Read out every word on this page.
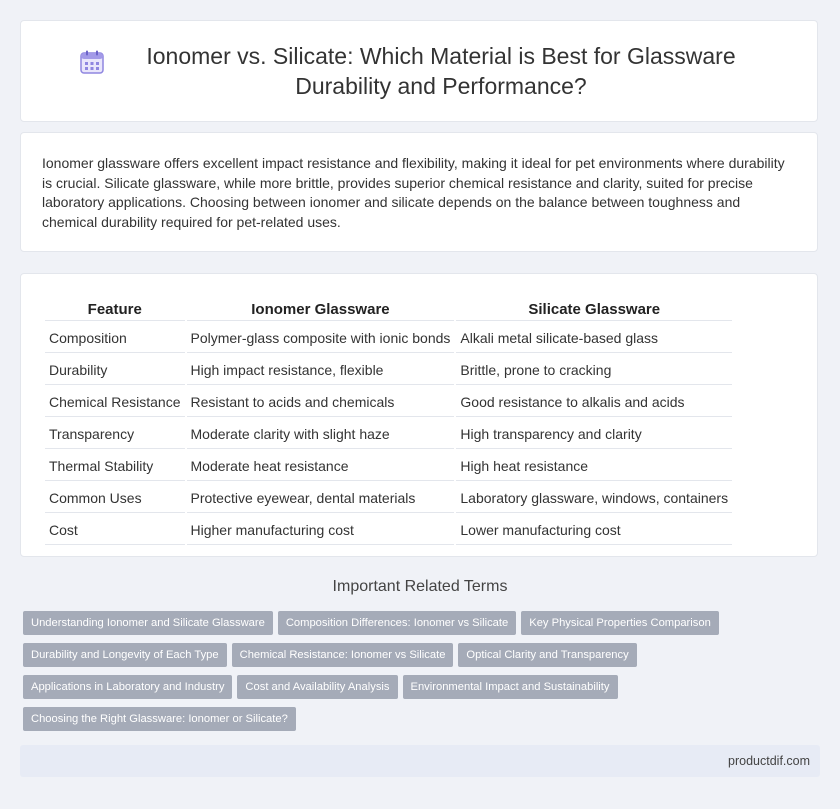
Ionomer vs. Silicate: Which Material is Best for Glassware Durability and Performance?

Ionomer glassware offers excellent impact resistance and flexibility, making it ideal for pet environments where durability is crucial. Silicate glassware, while more brittle, provides superior chemical resistance and clarity, suited for precise laboratory applications. Choosing between ionomer and silicate depends on the balance between toughness and chemical durability required for pet-related uses.

Feature	Ionomer Glassware	Silicate Glassware
Composition	Polymer-glass composite with ionic bonds	Alkali metal silicate-based glass
Durability	High impact resistance, flexible	Brittle, prone to cracking
Chemical Resistance	Resistant to acids and chemicals	Good resistance to alkalis and acids
Transparency	Moderate clarity with slight haze	High transparency and clarity
Thermal Stability	Moderate heat resistance	High heat resistance
Common Uses	Protective eyewear, dental materials	Laboratory glassware, windows, containers
Cost	Higher manufacturing cost	Lower manufacturing cost
Important Related Terms
Understanding Ionomer and Silicate Glassware Composition Differences: Ionomer vs Silicate Key Physical Properties Comparison
Durability and Longevity of Each Type Chemical Resistance: Ionomer vs Silicate Optical Clarity and Transparency
Applications in Laboratory and Industry Cost and Availability Analysis Environmental Impact and Sustainability
Choosing the Right Glassware: Ionomer or Silicate?
productdif.com
